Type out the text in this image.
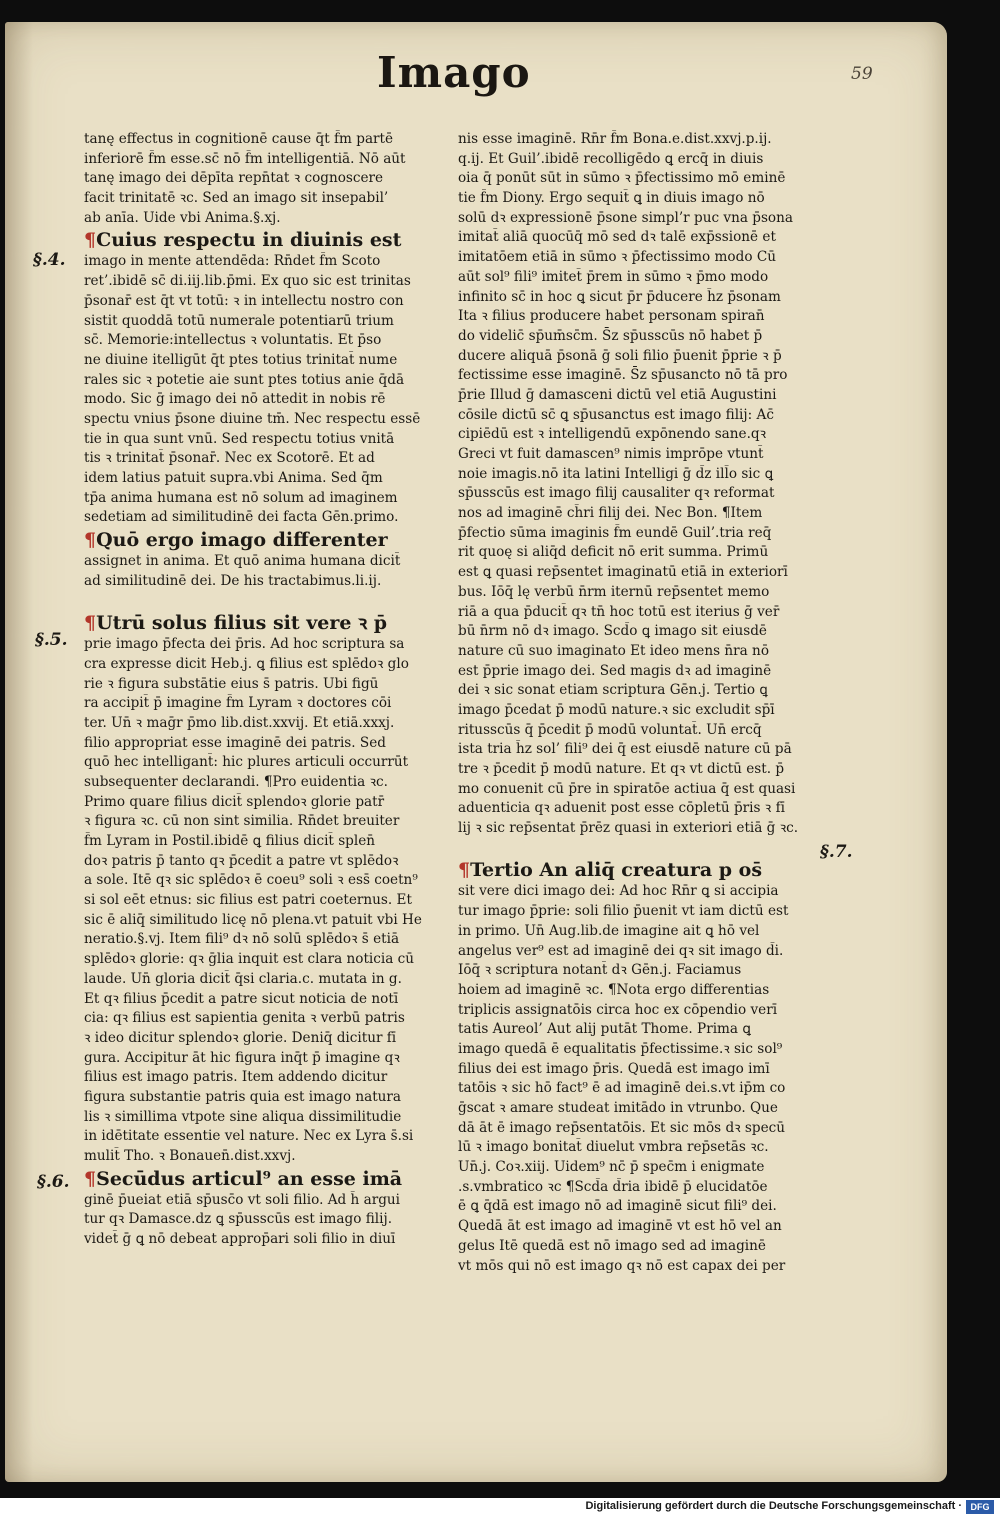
Imago	59
tanę effectus in cognitionē cause q̄t f̄m partē
inferiorē f̄m esse.sc̄ nō f̄m intelligentiā. Nō aūt
tanę imago dei dēpīta repn̄tat ꝛ cognoscere
facit trinitatē ꝛc. Sed an imago sit insepabil’
ab anīa. Uide vbi Anima.§.xj.
¶Cuius respectu in diuinis est
imago in mente attendēda: Rn̄det f̄m Scoto
ret’.ibidē sc̄ di.iij.lib.p̄mi. Ex quo sic est trinitas
p̄sonar̄ est q̄t vt totū: ꝛ in intellectu nostro con
sistit quoddā totū numerale potentiarū trium
sc̄. Memorie:intellectus ꝛ voluntatis. Et p̄so
ne diuine itelligūt q̄t ptes totius trinitat̄ nume
rales sic ꝛ potetie aie sunt ptes totius anie q̄dā
modo. Sic ḡ imago dei nō attedit in nobis rē
spectu vnius p̄sone diuine tm̄. Nec respectu essē
tie in qua sunt vnū. Sed respectu totius vnitā
tis ꝛ trinitat̄ p̄sonar̄. Nec ex Scotorē. Et ad
idem latius patuit supra.vbi Anima. Sed q̄m
tp̄a anima humana est nō solum ad imaginem
sedetiam ad similitudinē dei facta Gēn.primo.
¶Quō ergo imago differenter
assignet in anima. Et quō anima humana dicit̄
ad similitudinē dei. De his tractabimus.li.ij.

¶Utrū solus filius sit vere ꝛ p̄
prie imago p̄fecta dei p̄ris. Ad hoc scriptura sa
cra expresse dicit Heb.j. ꝗ filius est splēdoꝛ glo
rie ꝛ figura substātie eius s̄ patris. Ubi figū
ra accipit̄ p̄ imagine f̄m Lyram ꝛ doctores cōi
ter. Un̄ ꝛ maḡr p̄mo lib.dist.xxvij. Et etiā.xxxj.
filio appropriat esse imaginē dei patris. Sed
quō hec intelligant̄: hic plures articuli occurrūt
subsequenter declarandi. ¶Pro euidentia ꝛc.
Primo quare filius dicit̄ splendoꝛ glorie patr̄
ꝛ figura ꝛc. cū non sint similia. Rn̄det breuiter
f̄m Lyram in Postil.ibidē ꝗ filius dicit̄ splen̄
doꝛ patris p̄ tanto qꝛ p̄cedit a patre vt splēdoꝛ
a sole. Itē qꝛ sic splēdoꝛ ē coeu⁹ soli ꝛ ess̄ coetn⁹
si sol eēt etnus: sic filius est patri coeternus. Et
sic ē aliq̄ similitudo licę nō plena.vt patuit vbi He
neratio.§.vj. Item fili⁹ dꝛ nō solū splēdoꝛ s̄ etiā
splēdoꝛ glorie: qꝛ ḡlia inquit est clara noticia cū
laude. Un̄ gloria dicit̄ q̄si claria.c. mutata in g.
Et qꝛ filius p̄cedit a patre sicut noticia de notī
cia: qꝛ filius est sapientia genita ꝛ verbū patris
ꝛ ideo dicitur splendoꝛ glorie. Deniq̄ dicitur fī
gura. Accipitur āt hic figura inq̄t p̄ imagine qꝛ
filius est imago patris. Item addendo dicitur
figura substantie patris quia est imago natura
lis ꝛ simillima vtpote sine aliqua dissimilitudie
in idētitate essentie vel nature. Nec ex Lyra s̄.si
mulit̄ Tho. ꝛ Bonauen̄.dist.xxvj.
¶Secūdus articul⁹ an esse imā
ginē p̄ueiat etiā sp̄usc̄o vt soli filio. Ad h̄ argui
tur qꝛ Damasce.dz ꝗ sp̄usscūs est imago filij.
videt̄ ḡ ꝗ nō debeat approp̄ari soli filio in diuī
nis esse imaginē. Rn̄r f̄m Bona.e.dist.xxvj.p.ij.
q.ij. Et Guil’.ibidē recolligēdo ꝗ ercq̄ in diuis
oia q̄ ponūt sūt in sūmo ꝛ p̄fectissimo mō eminē
tie f̄m Diony. Ergo sequit̄ ꝗ in diuis imago nō
solū dꝛ expressionē p̄sone simpl’r puc vna p̄sona
imitat̄ aliā quocūq̄ mō sed dꝛ talē exp̄ssionē et
imitatōem etiā in sūmo ꝛ p̄fectissimo modo Cū
aūt sol⁹ fili⁹ imitet̄ p̄rem in sūmo ꝛ p̄mo modo
infinito sc̄ in hoc ꝗ sicut p̄r p̄ducere h̄z p̄sonam
Ita ꝛ filius producere habet personam spiran̄
do videlic̄ sp̄um̄sc̄m. S̄z sp̄usscūs nō habet p̄
ducere aliquā p̄sonā ḡ soli filio p̄uenit p̄prie ꝛ p̄
fectissime esse imaginē. S̄z sp̄usancto nō tā pro
p̄rie Illud ḡ damasceni dictū vel etiā Augustini
cōsile dictū sc̄ ꝗ sp̄usanctus est imago filij: Ac̄
cipiēdū est ꝛ intelligendū expōnendo sane.qꝛ
Greci vt fuit damascen⁹ nimis imprōpe vtunt̄
noie imagis.nō ita latini Intelligi ḡ d̄z ill̄o sic ꝗ
sp̄usscūs est imago filij causaliter qꝛ reformat
nos ad imaginē ch̄ri filij dei. Nec Bon. ¶Item
p̄fectio sūma imaginis f̄m eundē Guil’.tria req̄
rit quoę si aliq̄d deficit nō erit summa. Primū
est ꝗ quasi rep̄sentet imaginatū etiā in exteriorī
bus. Iōq̄ lę verbū n̄rm iternū rep̄sentet memo
riā a qua p̄ducit̄ qꝛ tn̄ hoc totū est iterius ḡ ver̄
bū n̄rm nō dꝛ imago. Scd̄o ꝗ imago sit eiusdē
nature cū suo imaginato Et ideo mens n̄ra nō
est p̄prie imago dei. Sed magis dꝛ ad imaginē
dei ꝛ sic sonat etiam scriptura Gēn.j. Tertio ꝗ
imago p̄cedat p̄ modū nature.ꝛ sic excludit sp̄ī
ritusscūs q̄ p̄cedit p̄ modū voluntat̄. Un̄ ercq̄
ista tria h̄z sol’ fili⁹ dei q̄ est eiusdē nature cū pā
tre ꝛ p̄cedit p̄ modū nature. Et qꝛ vt dictū est. p̄
mo conuenit cū p̄re in spiratōe actiua q̄ est quasi
aduenticia qꝛ aduenit post esse cōpletū p̄ris ꝛ fī
lij ꝛ sic rep̄sentat p̄rēz quasi in exteriori etiā ḡ ꝛc.

¶Tertio An aliq̄ creatura p os̄
sit vere dici imago dei: Ad hoc Rn̄r ꝗ si accipia
tur imago p̄prie: soli filio p̄uenit vt iam dictū est
in primo. Un̄ Aug.lib.de imagine ait ꝗ hō vel
angelus ver⁹ est ad imaginē dei qꝛ sit imago d̄i.
Iōq̄ ꝛ scriptura notant̄ dꝛ Gēn.j. Faciamus
hoiem ad imaginē ꝛc. ¶Nota ergo differentias
triplicis assignatōis circa hoc ex cōpendio verī
tatis Aureol’ Aut alij putāt Thome. Prima ꝗ
imago quedā ē equalitatis p̄fectissime.ꝛ sic sol⁹
filius dei est imago p̄ris. Quedā est imago imī
tatōis ꝛ sic hō fact⁹ ē ad imaginē dei.s.vt ip̄m co
ḡscat ꝛ amare studeat imitādo in vtrunbo. Que
dā āt ē imago rep̄sentatōis. Et sic mōs dꝛ specū
lū ꝛ imago bonitat̄ diuelut vmbra rep̄setās ꝛc.
Un̄.j. Coꝛ.xiij. Uidem⁹ nc̄ p̄ spec̄m i enigmate
.s.vmbratico ꝛc ¶Scd̄a d̄ria ibidē p̄ elucidatōe
ē ꝗ q̄dā est imago nō ad imaginē sicut fili⁹ dei.
Quedā āt est imago ad imaginē vt est hō vel an
gelus Itē quedā est nō imago sed ad imaginē
vt mōs qui nō est imago qꝛ nō est capax dei per
§.4.
§.5.
§.6.
§.7.
Digitalisierung gefördert durch die Deutsche Forschungsgemeinschaft · DFG
